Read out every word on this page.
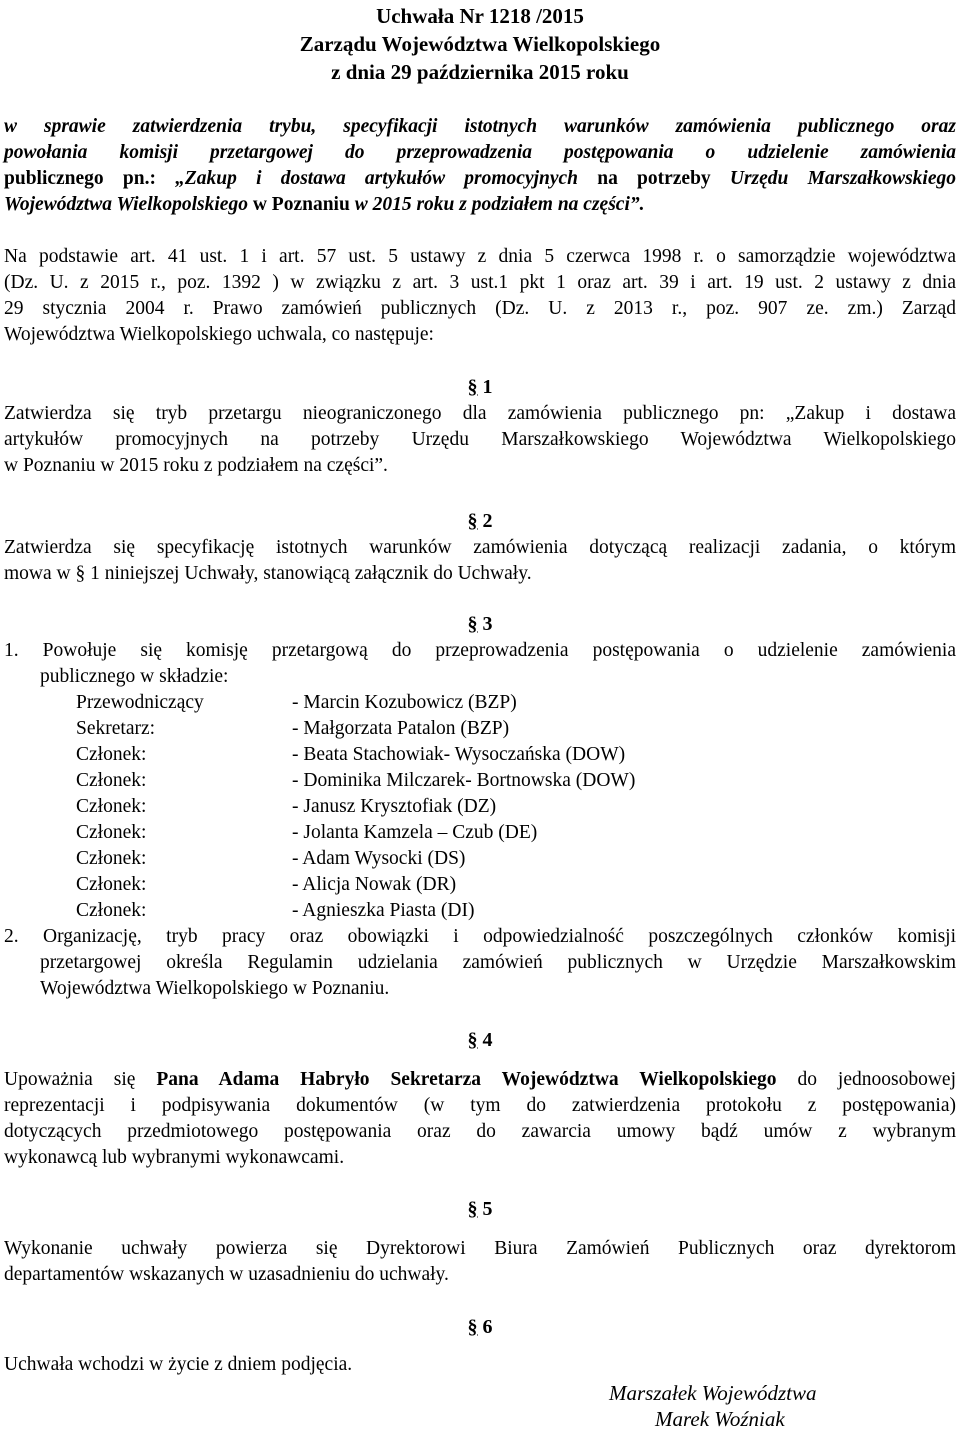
Uchwała Nr 1218 /2015
Zarządu Województwa Wielkopolskiego
z dnia 29 października 2015 roku
w sprawie zatwierdzenia trybu, specyfikacji istotnych warunków zamówienia publicznego oraz
powołania komisji przetargowej do przeprowadzenia postępowania o udzielenie zamówienia
publicznego pn.: „Zakup i dostawa artykułów promocyjnych na potrzeby Urzędu Marszałkowskiego
Województwa Wielkopolskiego w Poznaniu w 2015 roku z podziałem na części”.
Na podstawie art. 41 ust. 1 i art. 57 ust. 5 ustawy z dnia 5 czerwca 1998 r. o samorządzie województwa
(Dz. U. z 2015 r., poz. 1392 ) w związku z art. 3 ust.1 pkt 1 oraz art. 39 i art. 19 ust. 2 ustawy z dnia
29 stycznia 2004 r. Prawo zamówień publicznych (Dz. U. z 2013 r., poz. 907 ze. zm.) Zarząd
Województwa Wielkopolskiego uchwala, co następuje:
§ 1
Zatwierdza się tryb przetargu nieograniczonego dla zamówienia publicznego pn: „Zakup i dostawa
artykułów promocyjnych na potrzeby Urzędu Marszałkowskiego Województwa Wielkopolskiego
w Poznaniu w 2015 roku z podziałem na części”.
§ 2
Zatwierdza się specyfikację istotnych warunków zamówienia dotyczącą realizacji zadania, o którym
mowa w § 1 niniejszej Uchwały, stanowiącą załącznik do Uchwały.
§ 3
1. Powołuje się komisję przetargową do przeprowadzenia postępowania o udzielenie zamówienia
publicznego w składzie:
Przewodniczący	- Marcin Kozubowicz (BZP)
Sekretarz:	- Małgorzata Patalon (BZP)
Członek:	- Beata Stachowiak- Wysoczańska (DOW)
Członek:	- Dominika Milczarek- Bortnowska (DOW)
Członek:	- Janusz Krysztofiak (DZ)
Członek:	- Jolanta Kamzela – Czub (DE)
Członek:	- Adam Wysocki (DS)
Członek:	- Alicja Nowak (DR)
Członek:	- Agnieszka Piasta (DI)
2. Organizację, tryb pracy oraz obowiązki i odpowiedzialność poszczególnych członków komisji
przetargowej określa Regulamin udzielania zamówień publicznych w Urzędzie Marszałkowskim
Województwa Wielkopolskiego w Poznaniu.
§ 4
Upoważnia się Pana Adama Habryło Sekretarza Województwa Wielkopolskiego do jednoosobowej
reprezentacji i podpisywania dokumentów (w tym do zatwierdzenia protokołu z postępowania)
dotyczących przedmiotowego postępowania oraz do zawarcia umowy bądź umów z wybranym
wykonawcą lub wybranymi wykonawcami.
§ 5
Wykonanie uchwały powierza się Dyrektorowi Biura Zamówień Publicznych oraz dyrektorom
departamentów wskazanych w uzasadnieniu do uchwały.
§ 6
Uchwała wchodzi w życie z dniem podjęcia.
Marszałek Województwa
Marek Woźniak
